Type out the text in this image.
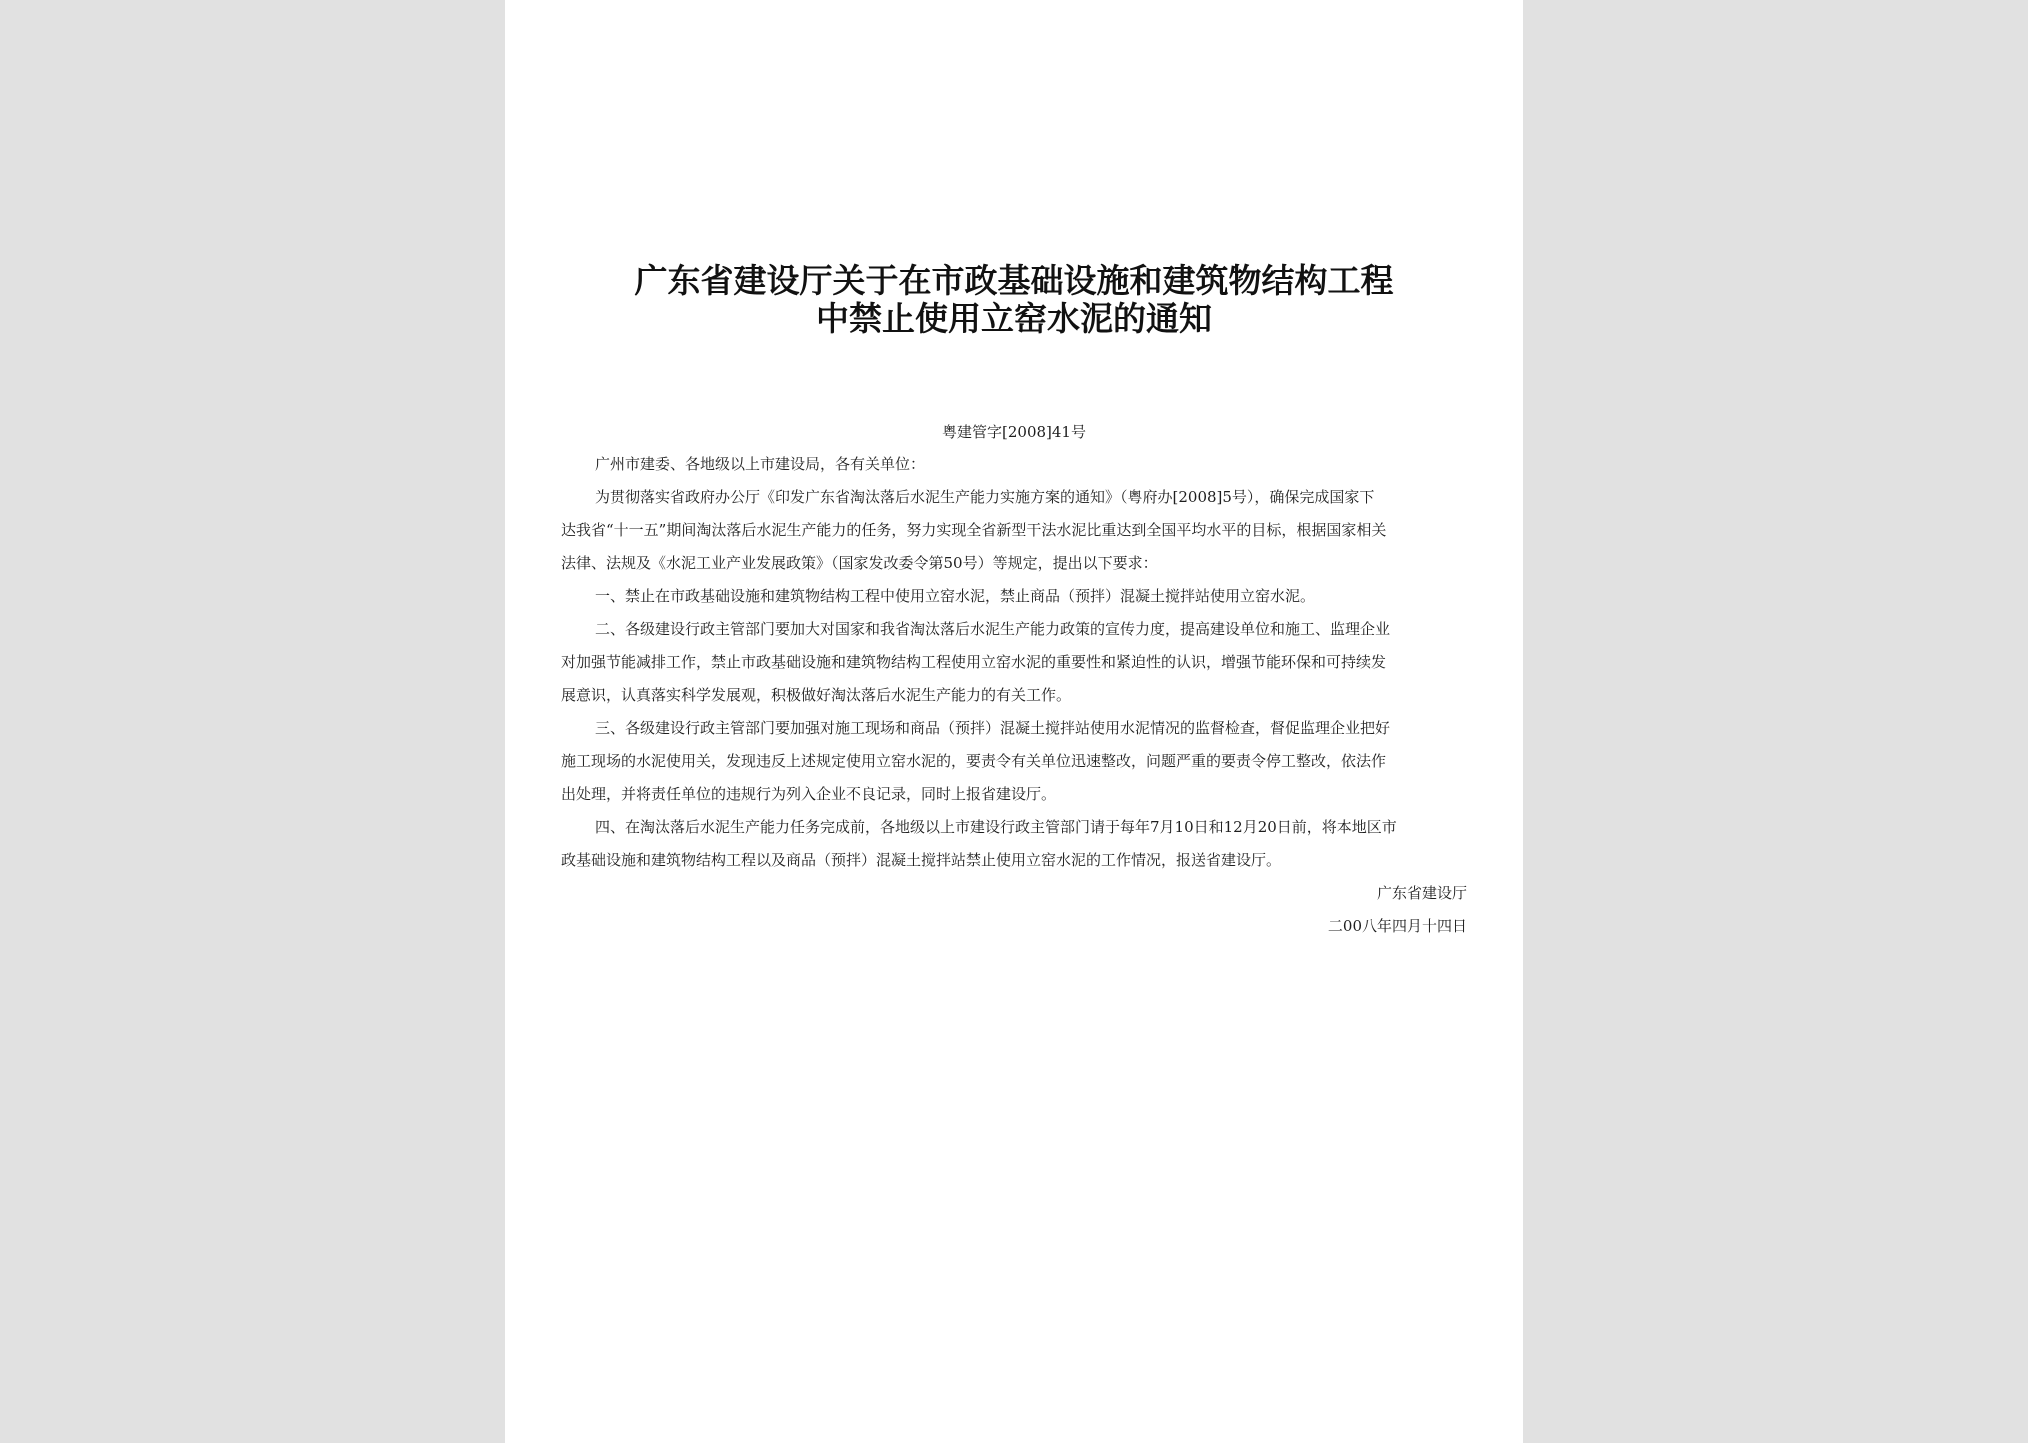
广东省建设厅关于在市政基础设施和建筑物结构工程
中禁止使用立窑水泥的通知
粤建管字[2008]41号
广州市建委、各地级以上市建设局，各有关单位：
为贯彻落实省政府办公厅《印发广东省淘汰落后水泥生产能力实施方案的通知》（粤府办[2008]5号），确保完成国家下
达我省“十一五”期间淘汰落后水泥生产能力的任务，努力实现全省新型干法水泥比重达到全国平均水平的目标，根据国家相关
法律、法规及《水泥工业产业发展政策》（国家发改委令第50号）等规定，提出以下要求：
一、禁止在市政基础设施和建筑物结构工程中使用立窑水泥，禁止商品（预拌）混凝土搅拌站使用立窑水泥。
二、各级建设行政主管部门要加大对国家和我省淘汰落后水泥生产能力政策的宣传力度，提高建设单位和施工、监理企业
对加强节能减排工作，禁止市政基础设施和建筑物结构工程使用立窑水泥的重要性和紧迫性的认识，增强节能环保和可持续发
展意识，认真落实科学发展观，积极做好淘汰落后水泥生产能力的有关工作。
三、各级建设行政主管部门要加强对施工现场和商品（预拌）混凝土搅拌站使用水泥情况的监督检查，督促监理企业把好
施工现场的水泥使用关，发现违反上述规定使用立窑水泥的，要责令有关单位迅速整改，问题严重的要责令停工整改，依法作
出处理，并将责任单位的违规行为列入企业不良记录，同时上报省建设厅。
四、在淘汰落后水泥生产能力任务完成前，各地级以上市建设行政主管部门请于每年7月10日和12月20日前，将本地区市
政基础设施和建筑物结构工程以及商品（预拌）混凝土搅拌站禁止使用立窑水泥的工作情况，报送省建设厅。
广东省建设厅
二00八年四月十四日
